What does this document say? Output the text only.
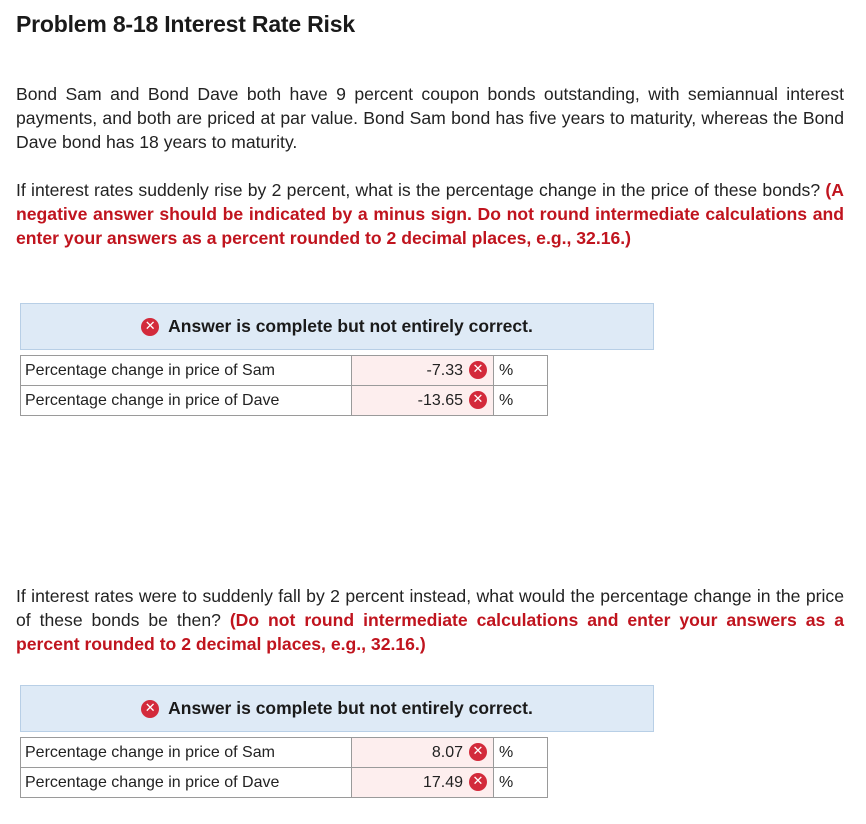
Problem 8-18 Interest Rate Risk
Bond Sam and Bond Dave both have 9 percent coupon bonds outstanding, with semiannual interest payments, and both are priced at par value. Bond Sam bond has five years to maturity, whereas the Bond Dave bond has 18 years to maturity.
If interest rates suddenly rise by 2 percent, what is the percentage change in the price of these bonds? (A negative answer should be indicated by a minus sign. Do not round intermediate calculations and enter your answers as a percent rounded to 2 decimal places, e.g., 32.16.)
✕ Answer is complete but not entirely correct.
Percentage change in price of Sam	-7.33 ✕	%
Percentage change in price of Dave	-13.65 ✕	%
If interest rates were to suddenly fall by 2 percent instead, what would the percentage change in the price of these bonds be then? (Do not round intermediate calculations and enter your answers as a percent rounded to 2 decimal places, e.g., 32.16.)
✕ Answer is complete but not entirely correct.
Percentage change in price of Sam	8.07 ✕	%
Percentage change in price of Dave	17.49 ✕	%
